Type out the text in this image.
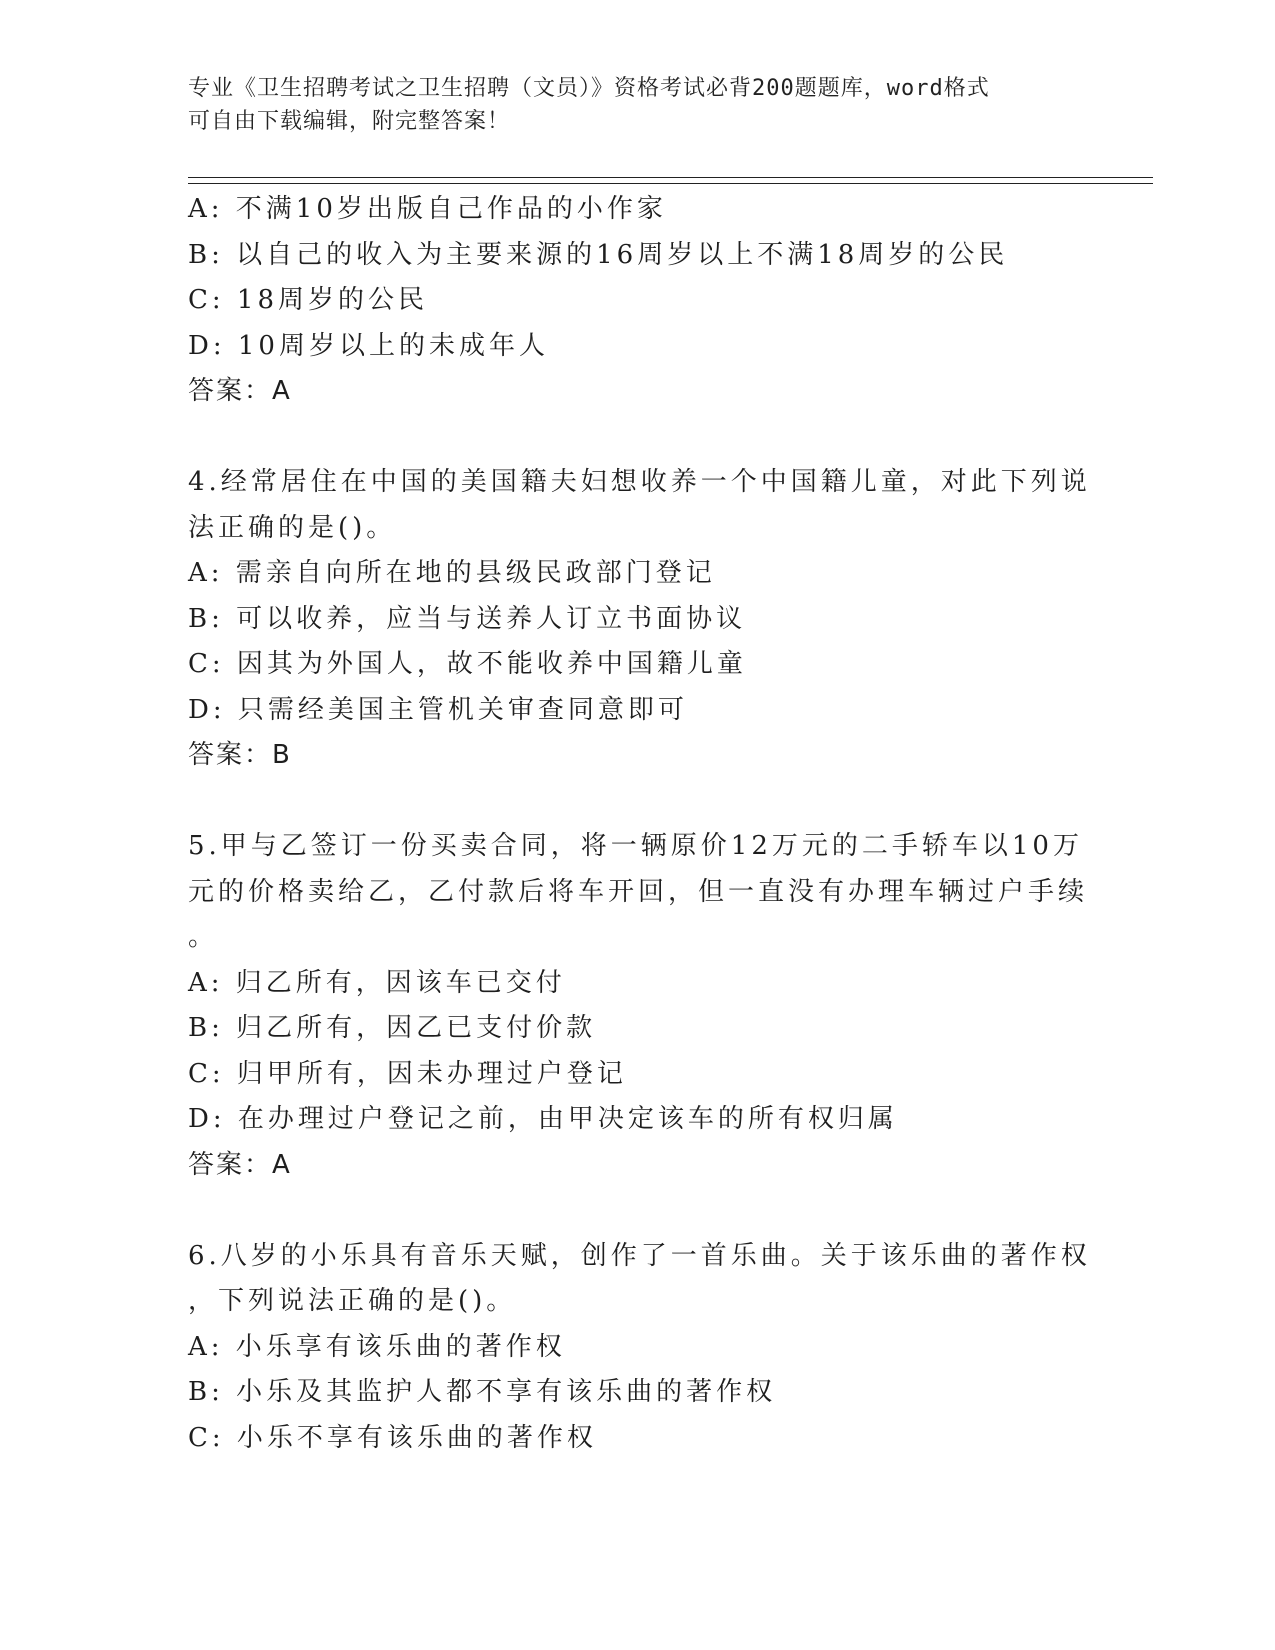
专业《卫生招聘考试之卫生招聘（文员）》资格考试必背200题题库，word格式
可自由下载编辑，附完整答案！
A: 不满10岁出版自己作品的小作家
B: 以自己的收入为主要来源的16周岁以上不满18周岁的公民
C: 18周岁的公民
D: 10周岁以上的未成年人
答案：A
4.经常居住在中国的美国籍夫妇想收养一个中国籍儿童，对此下列说
法正确的是()。
A: 需亲自向所在地的县级民政部门登记
B: 可以收养，应当与送养人订立书面协议
C: 因其为外国人，故不能收养中国籍儿童
D: 只需经美国主管机关审查同意即可
答案：B
5.甲与乙签订一份买卖合同，将一辆原价12万元的二手轿车以10万
元的价格卖给乙，乙付款后将车开回，但一直没有办理车辆过户手续
。
A: 归乙所有，因该车已交付
B: 归乙所有，因乙已支付价款
C: 归甲所有，因未办理过户登记
D: 在办理过户登记之前，由甲决定该车的所有权归属
答案：A
6.八岁的小乐具有音乐天赋，创作了一首乐曲。关于该乐曲的著作权
，下列说法正确的是()。
A: 小乐享有该乐曲的著作权
B: 小乐及其监护人都不享有该乐曲的著作权
C: 小乐不享有该乐曲的著作权
